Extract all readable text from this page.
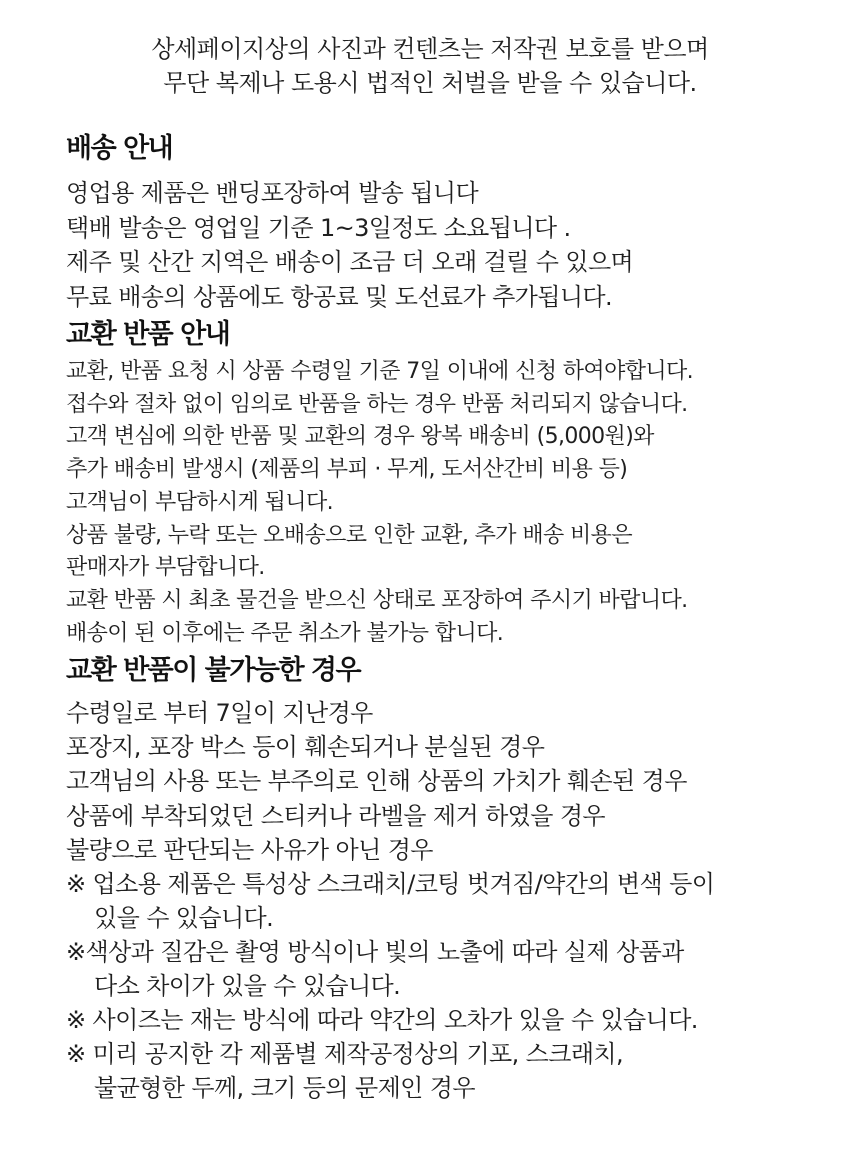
상세페이지상의 사진과 컨텐츠는 저작권 보호를 받으며
무단 복제나 도용시 법적인 처벌을 받을 수 있습니다.
배송 안내
영업용 제품은 밴딩포장하여 발송 됩니다
택배 발송은 영업일 기준 1~3일정도 소요됩니다 .
제주 및 산간 지역은 배송이 조금 더 오래 걸릴 수 있으며
무료 배송의 상품에도 항공료 및 도선료가 추가됩니다.
교환 반품 안내
교환, 반품 요청 시 상품 수령일 기준 7일 이내에 신청 하여야합니다.
접수와 절차 없이 임의로 반품을 하는 경우 반품 처리되지 않습니다.
고객 변심에 의한 반품 및 교환의 경우 왕복 배송비 (5,000원)와
추가 배송비 발생시 (제품의 부피 · 무게, 도서산간비 비용 등)
고객님이 부담하시게 됩니다.
상품 불량, 누락 또는 오배송으로 인한 교환, 추가 배송 비용은
판매자가 부담합니다.
교환 반품 시 최초 물건을 받으신 상태로 포장하여 주시기 바랍니다.
배송이 된 이후에는 주문 취소가 불가능 합니다.
교환 반품이 불가능한 경우
수령일로 부터 7일이 지난경우
포장지, 포장 박스 등이 훼손되거나 분실된 경우
고객님의 사용 또는 부주의로 인해 상품의 가치가 훼손된 경우
상품에 부착되었던 스티커나 라벨을 제거 하였을 경우
불량으로 판단되는 사유가 아닌 경우
※ 업소용 제품은 특성상 스크래치/코팅 벗겨짐/약간의 변색 등이
있을 수 있습니다.
※색상과 질감은 촬영 방식이나 빛의 노출에 따라 실제 상품과
다소 차이가 있을 수 있습니다.
※ 사이즈는 재는 방식에 따라 약간의 오차가 있을 수 있습니다.
※ 미리 공지한 각 제품별 제작공정상의 기포, 스크래치,
불균형한 두께, 크기 등의 문제인 경우
